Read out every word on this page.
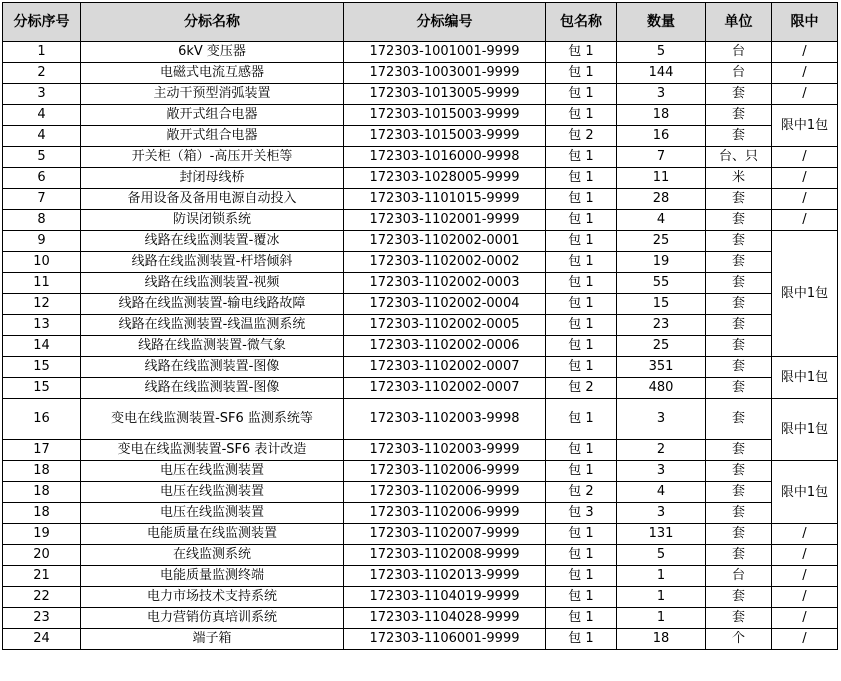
分标序号	分标名称	分标编号	包名称	数量	单位	限中
1	6kV 变压器	172303-1001001-9999	包 1	5	台	/
2	电磁式电流互感器	172303-1003001-9999	包 1	144	台	/
3	主动干预型消弧装置	172303-1013005-9999	包 1	3	套	/
4	敞开式组合电器	172303-1015003-9999	包 1	18	套	限中1包
4	敞开式组合电器	172303-1015003-9999	包 2	16	套	
5	开关柜（箱）-高压开关柜等	172303-1016000-9998	包 1	7	台、只	/
6	封闭母线桥	172303-1028005-9999	包 1	11	米	/
7	备用设备及备用电源自动投入	172303-1101015-9999	包 1	28	套	/
8	防误闭锁系统	172303-1102001-9999	包 1	4	套	/
9	线路在线监测装置-覆冰	172303-1102002-0001	包 1	25	套	限中1包
10	线路在线监测装置-杆塔倾斜	172303-1102002-0002	包 1	19	套	
11	线路在线监测装置-视频	172303-1102002-0003	包 1	55	套	
12	线路在线监测装置-输电线路故障	172303-1102002-0004	包 1	15	套	
13	线路在线监测装置-线温监测系统	172303-1102002-0005	包 1	23	套	
14	线路在线监测装置-微气象	172303-1102002-0006	包 1	25	套	
15	线路在线监测装置-图像	172303-1102002-0007	包 1	351	套	限中1包
15	线路在线监测装置-图像	172303-1102002-0007	包 2	480	套	
16	变电在线监测装置-SF6 监测系统等	172303-1102003-9998	包 1	3	套	限中1包
17	变电在线监测装置-SF6 表计改造	172303-1102003-9999	包 1	2	套	
18	电压在线监测装置	172303-1102006-9999	包 1	3	套	限中1包
18	电压在线监测装置	172303-1102006-9999	包 2	4	套	
18	电压在线监测装置	172303-1102006-9999	包 3	3	套	
19	电能质量在线监测装置	172303-1102007-9999	包 1	131	套	/
20	在线监测系统	172303-1102008-9999	包 1	5	套	/
21	电能质量监测终端	172303-1102013-9999	包 1	1	台	/
22	电力市场技术支持系统	172303-1104019-9999	包 1	1	套	/
23	电力营销仿真培训系统	172303-1104028-9999	包 1	1	套	/
24	端子箱	172303-1106001-9999	包 1	18	个	/
